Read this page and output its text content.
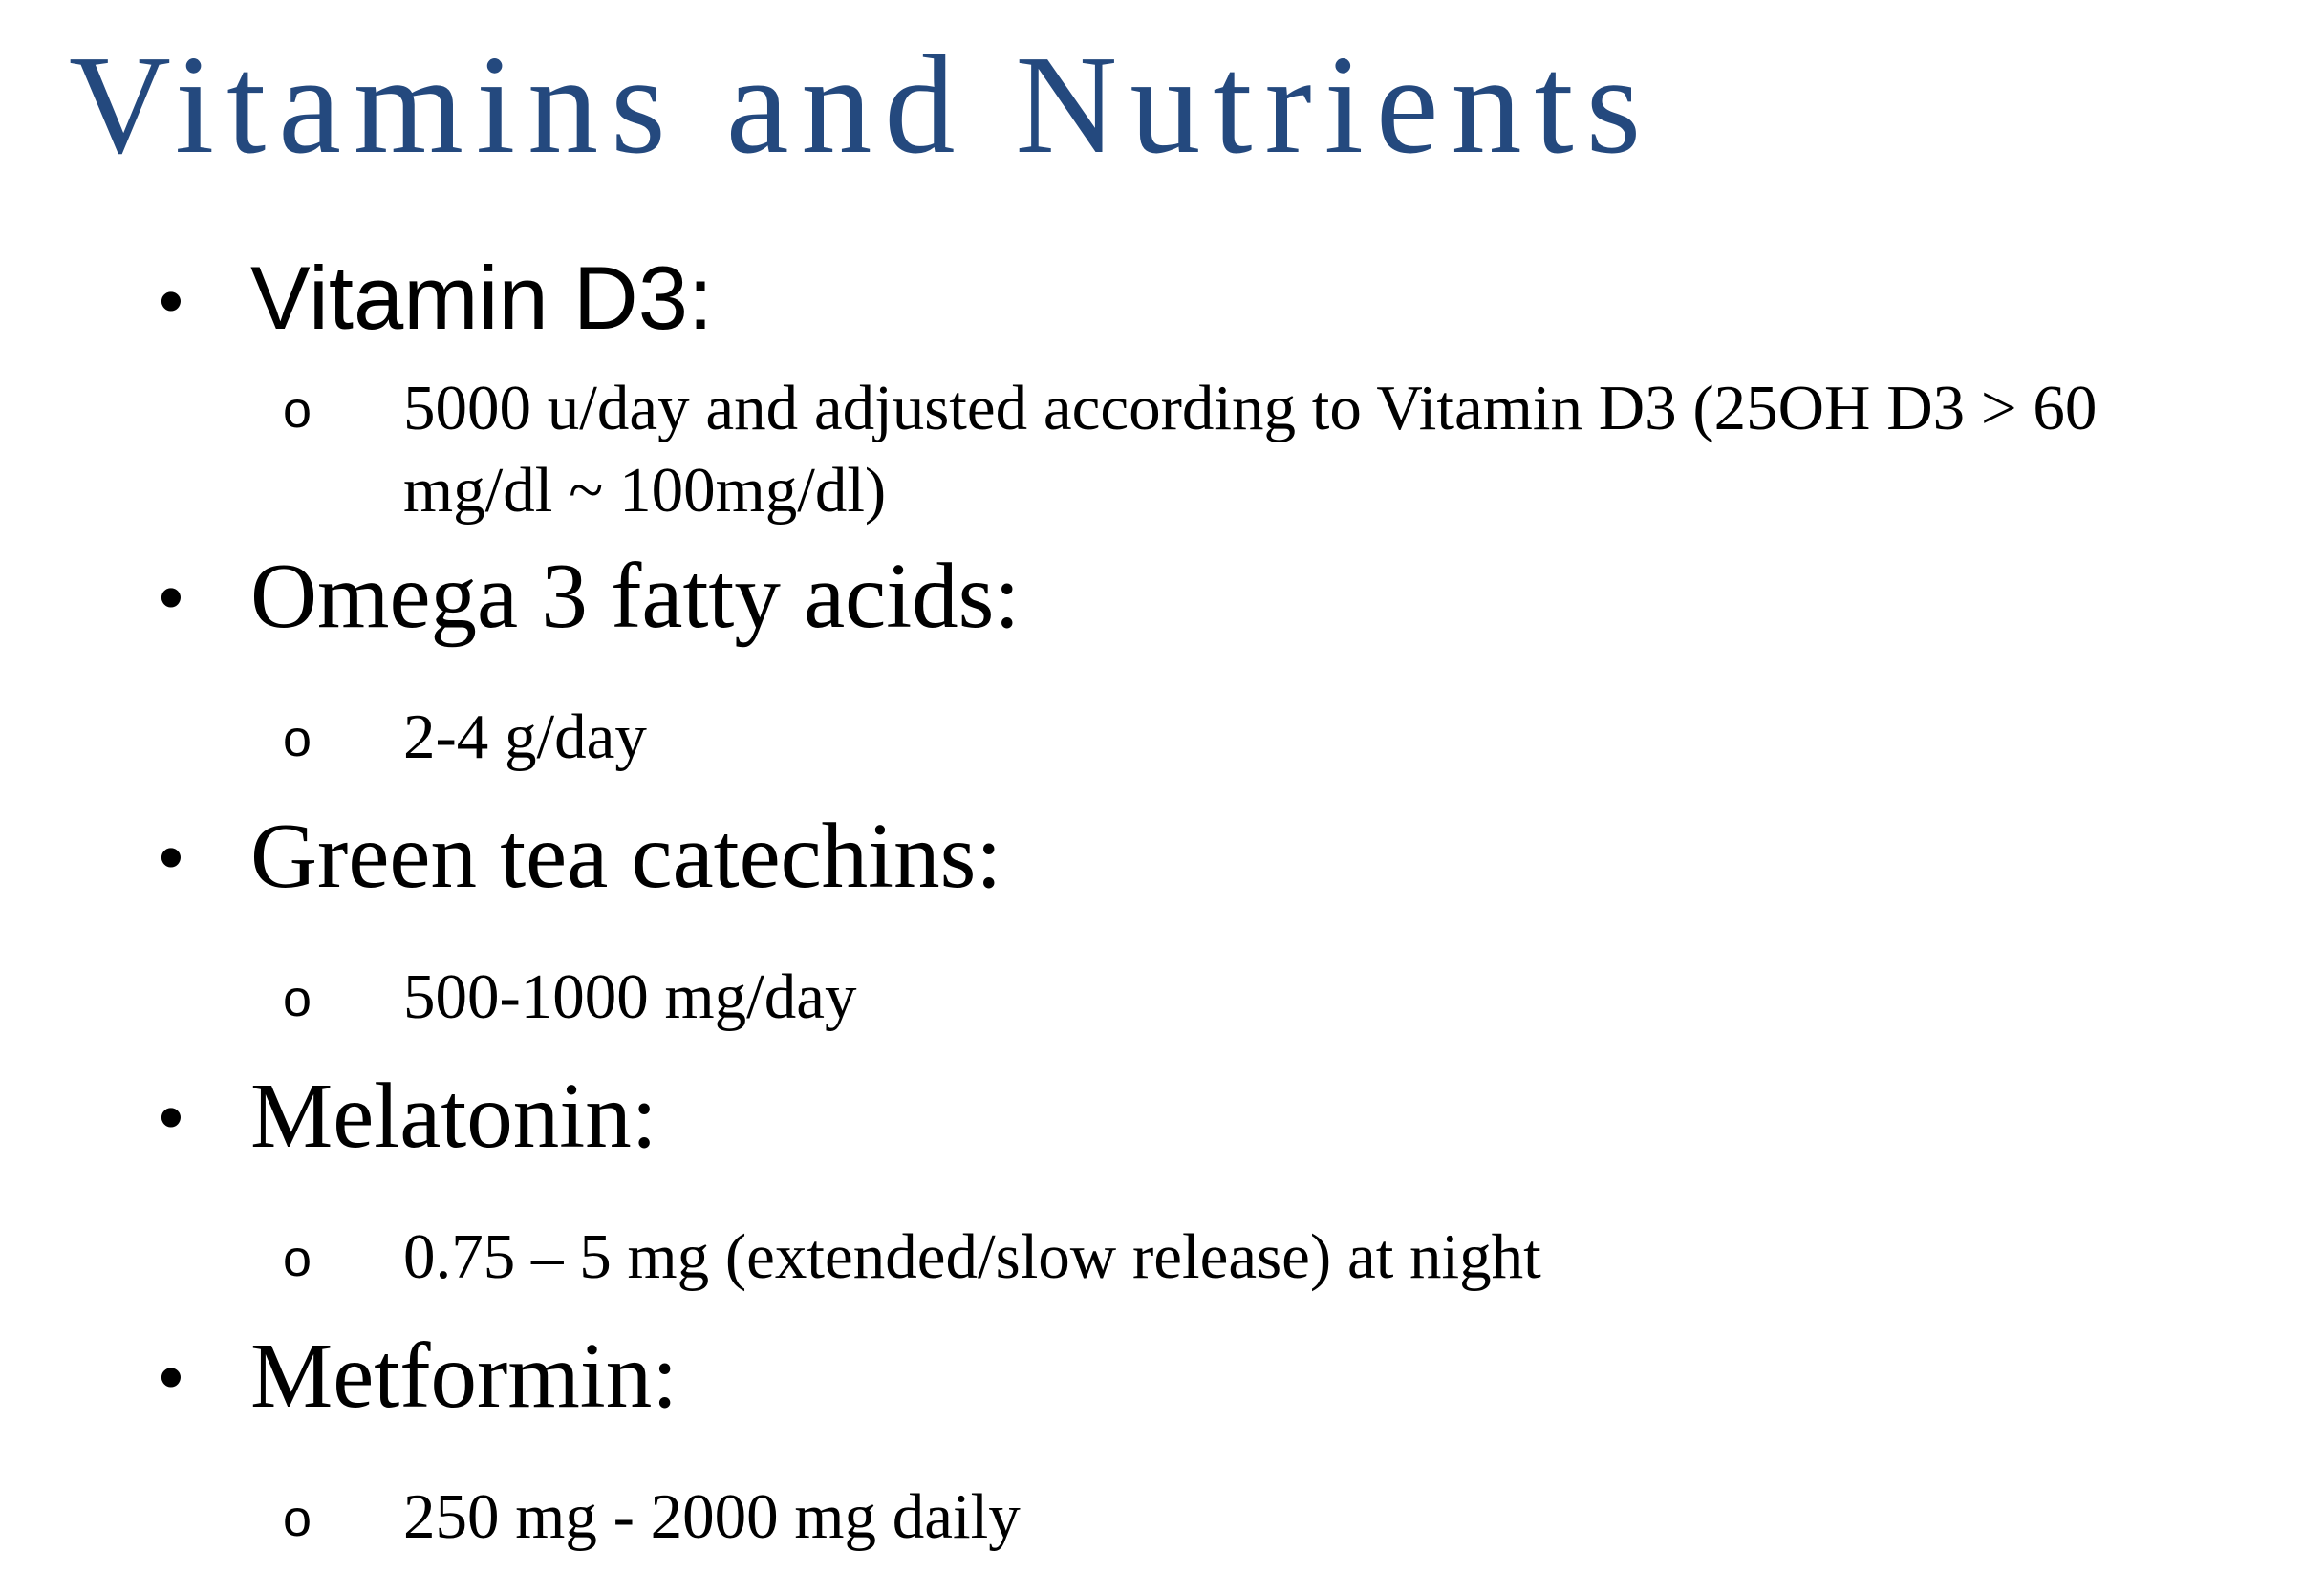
Vitamins and Nutrients
• Vitamin D3:
o 5000 u/day and adjusted according to Vitamin D3 (25OH D3 > 60
mg/dl ~ 100mg/dl)
• Omega 3 fatty acids:
o 2-4 g/day
• Green tea catechins:
o 500-1000 mg/day
• Melatonin:
o 0.75 – 5 mg (extended/slow release) at night
• Metformin:
o 250 mg - 2000 mg daily
